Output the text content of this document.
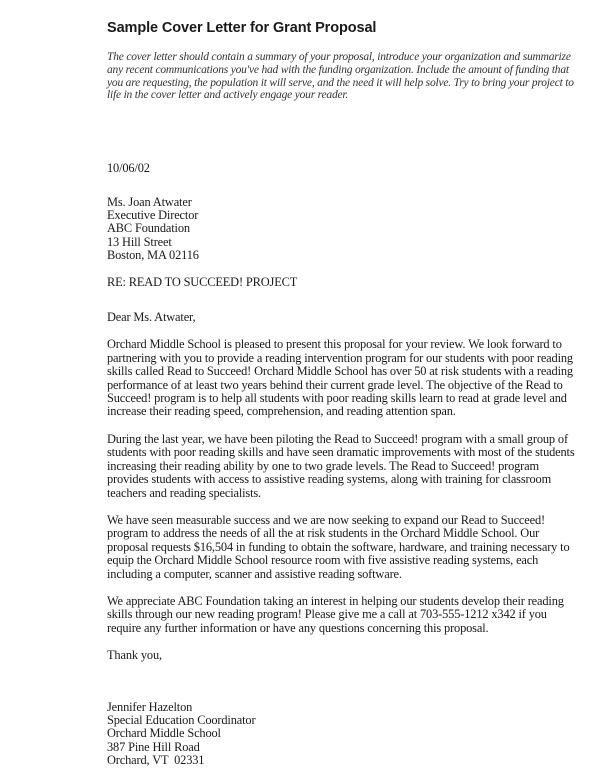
Sample Cover Letter for Grant Proposal

The cover letter should contain a summary of your proposal, introduce your organization and summarize any recent communications you've had with the funding organization. Include the amount of funding that you are requesting, the population it will serve, and the need it will help solve. Try to bring your project to life in the cover letter and actively engage your reader.

10/06/02
Ms. Joan Atwater
Executive Director
ABC Foundation
13 Hill Street
Boston, MA 02116
RE: READ TO SUCCEED! PROJECT
Dear Ms. Atwater,

Orchard Middle School is pleased to present this proposal for your review. We look forward to partnering with you to provide a reading intervention program for our students with poor reading skills called Read to Succeed! Orchard Middle School has over 50 at risk students with a reading performance of at least two years behind their current grade level. The objective of the Read to Succeed! program is to help all students with poor reading skills learn to read at grade level and increase their reading speed, comprehension, and reading attention span.

During the last year, we have been piloting the Read to Succeed! program with a small group of students with poor reading skills and have seen dramatic improvements with most of the students increasing their reading ability by one to two grade levels. The Read to Succeed! program provides students with access to assistive reading systems, along with training for classroom teachers and reading specialists.

We have seen measurable success and we are now seeking to expand our Read to Succeed! program to address the needs of all the at risk students in the Orchard Middle School. Our proposal requests $16,504 in funding to obtain the software, hardware, and training necessary to equip the Orchard Middle School resource room with five assistive reading systems, each including a computer, scanner and assistive reading software.

We appreciate ABC Foundation taking an interest in helping our students develop their reading skills through our new reading program! Please give me a call at 703-555-1212 x342 if you require any further information or have any questions concerning this proposal.

Thank you,
Jennifer Hazelton
Special Education Coordinator
Orchard Middle School
387 Pine Hill Road
Orchard, VT  02331
